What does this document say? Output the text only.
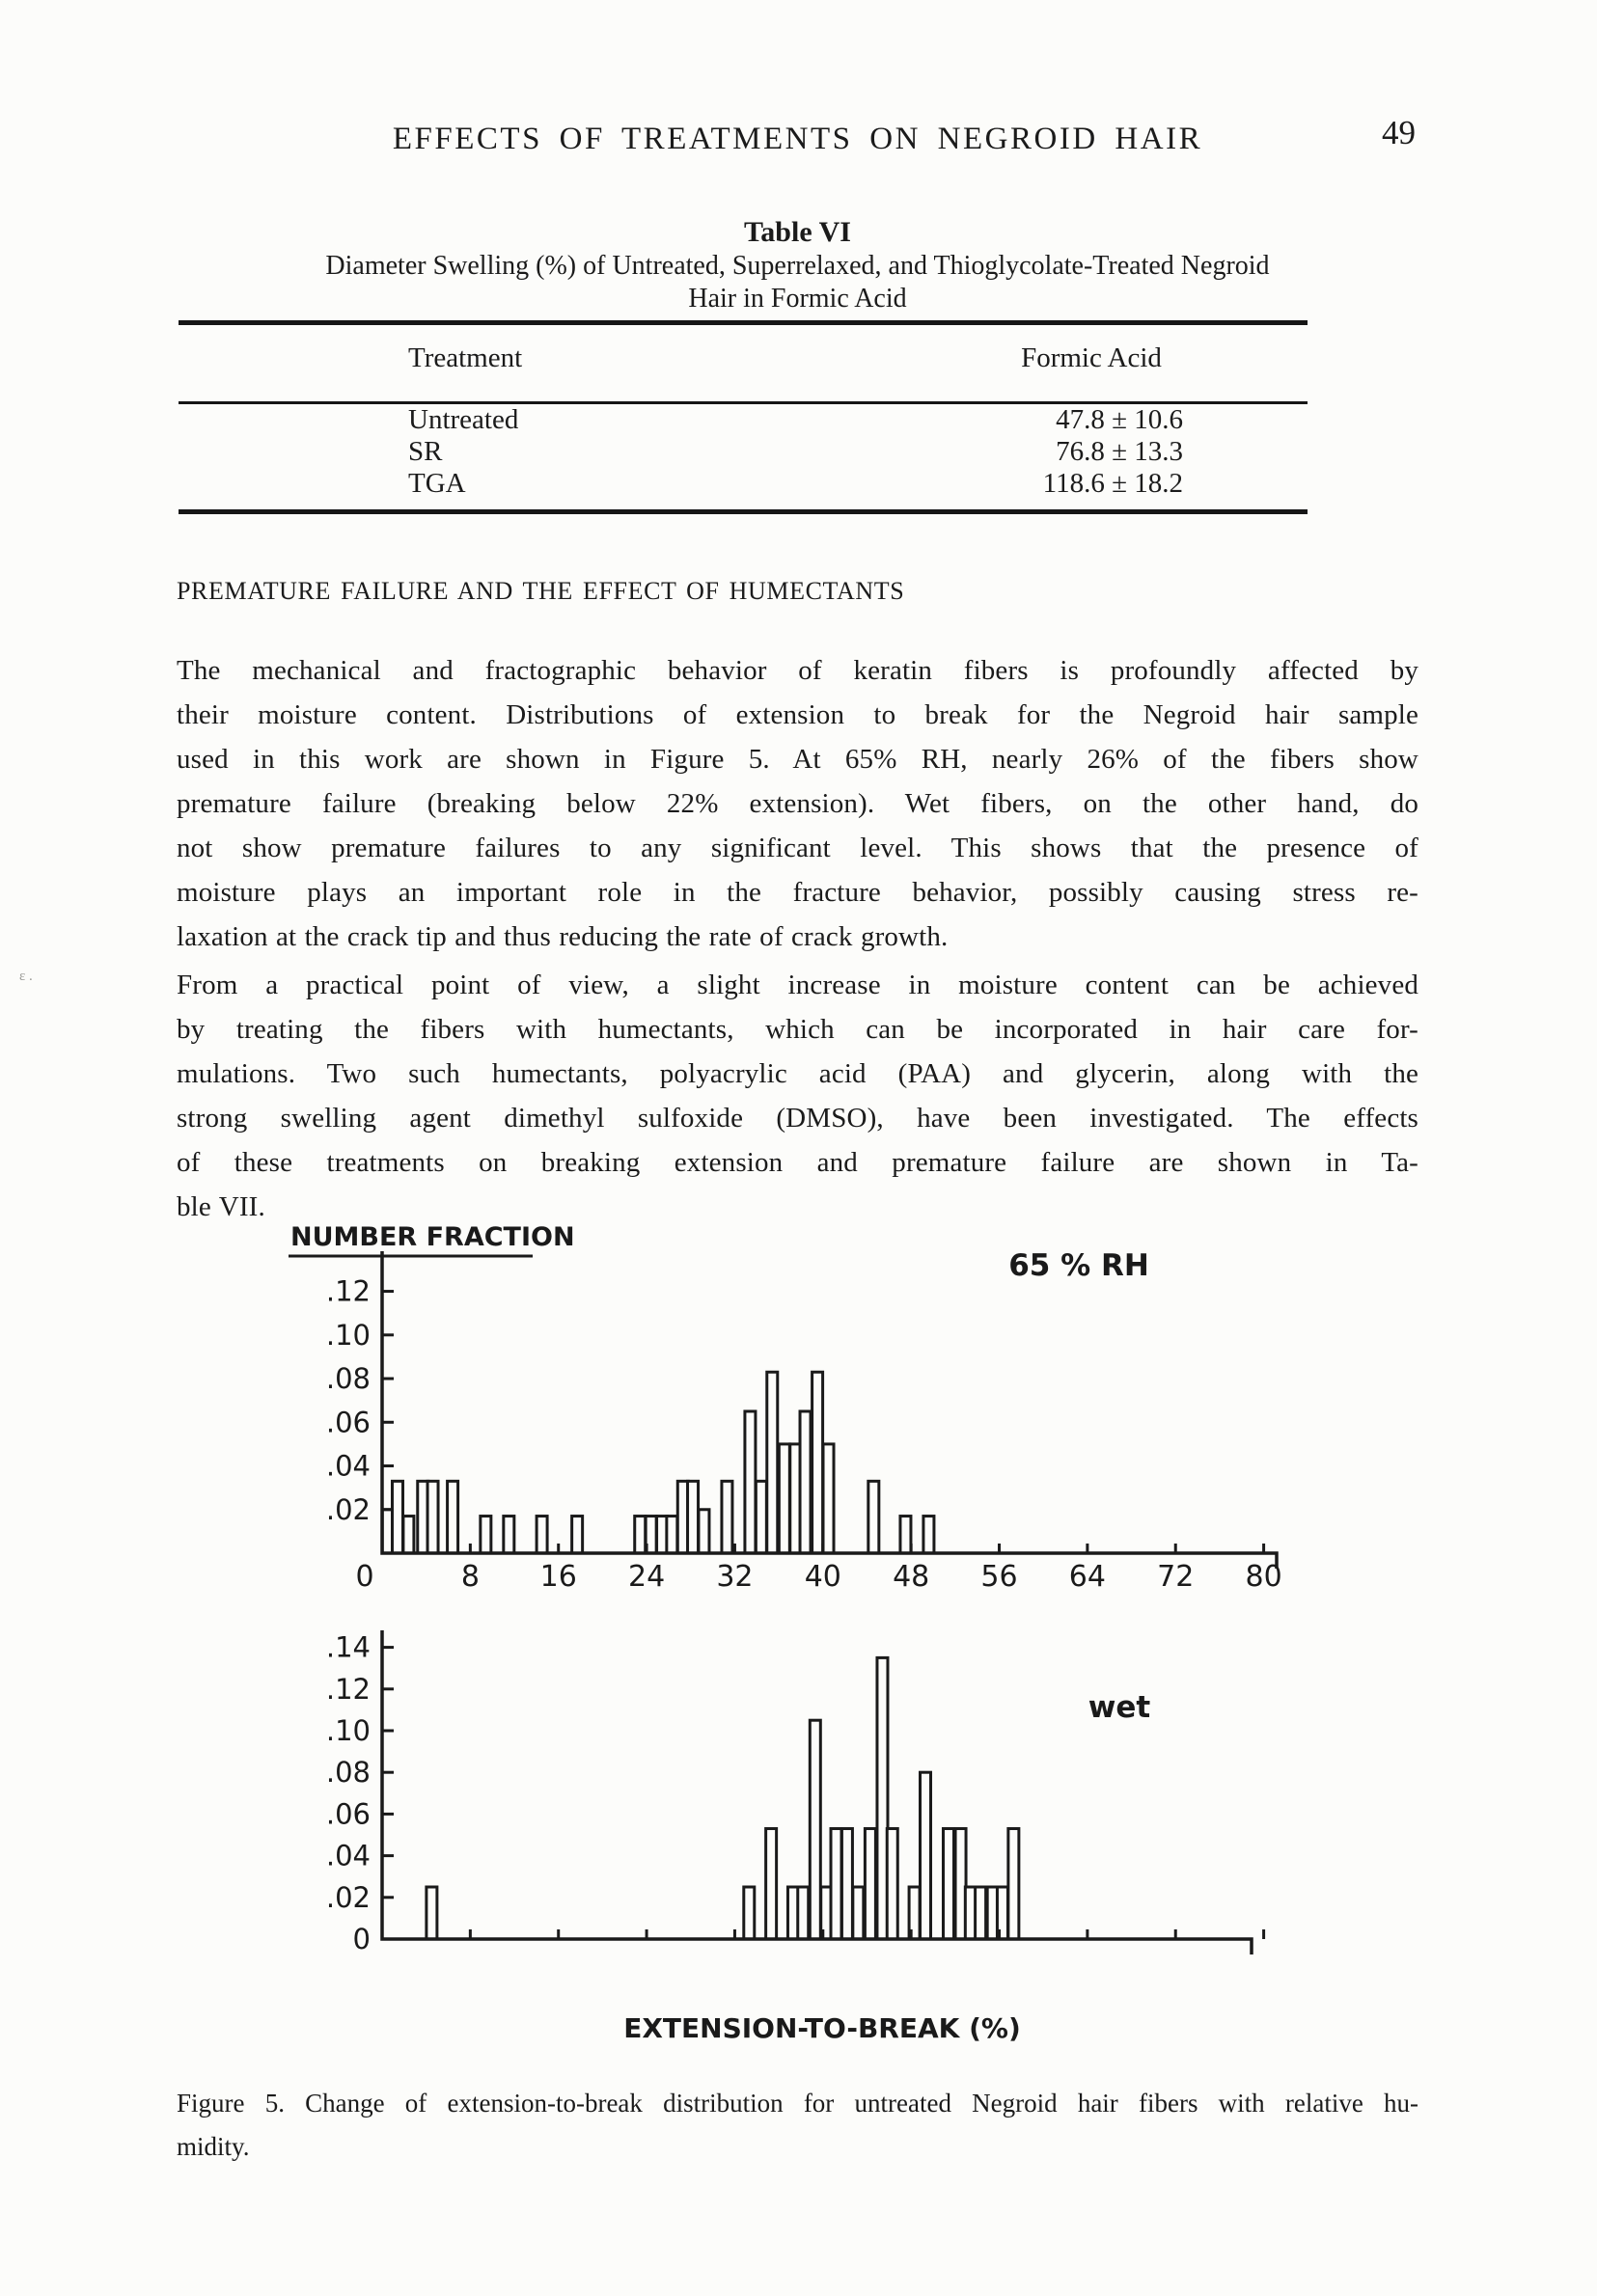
EFFECTS OF TREATMENTS ON NEGROID HAIR	49
Table VI
Diameter Swelling (%) of Untreated, Superrelaxed, and Thioglycolate-Treated Negroid
Hair in Formic Acid
Treatment	Formic Acid
Untreated	47.8 ± 10.6
SR	76.8 ± 13.3
TGA	118.6 ± 18.2
PREMATURE FAILURE AND THE EFFECT OF HUMECTANTS
The mechanical and fractographic behavior of keratin fibers is profoundly affected by
their moisture content. Distributions of extension to break for the Negroid hair sample
used in this work are shown in Figure 5. At 65% RH, nearly 26% of the fibers show
premature failure (breaking below 22% extension). Wet fibers, on the other hand, do
not show premature failures to any significant level. This shows that the presence of
moisture plays an important role in the fracture behavior, possibly causing stress re-
laxation at the crack tip and thus reducing the rate of crack growth.
From a practical point of view, a slight increase in moisture content can be achieved
by treating the fibers with humectants, which can be incorporated in hair care for-
mulations. Two such humectants, polyacrylic acid (PAA) and glycerin, along with the
strong swelling agent dimethyl sulfoxide (DMSO), have been investigated. The effects
of these treatments on breaking extension and premature failure are shown in Ta-
ble VII.
ε .
.02
.04
.06
.08
.10
.12
0	8 16 24 32 40 48 56 64 72 80
65 % RH
NUMBER FRACTION
0
.02
.04
.06
.08
.10
.12
.14
wet
EXTENSION-TO-BREAK (%)
Figure 5. Change of extension-to-break distribution for untreated Negroid hair fibers with relative hu-
midity.
